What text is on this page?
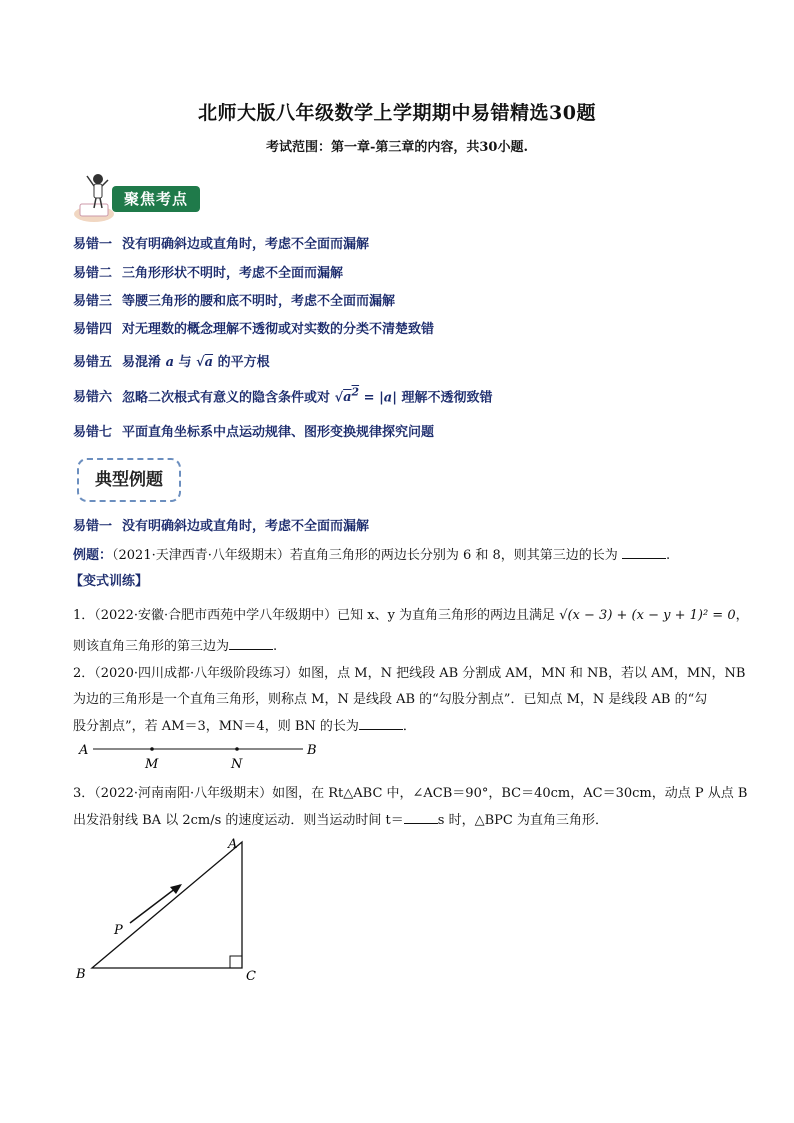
北师大版八年级数学上学期期中易错精选30题
考试范围：第一章-第三章的内容，共30小题.
聚焦考点
易错一 没有明确斜边或直角时，考虑不全面而漏解
易错二 三角形形状不明时，考虑不全面而漏解
易错三 等腰三角形的腰和底不明时，考虑不全面而漏解
易错四 对无理数的概念理解不透彻或对实数的分类不清楚致错
易错五 易混淆 a 与 √a 的平方根
易错六 忽略二次根式有意义的隐含条件或对 $√a^2 = |a|$ 理解不透彻致错
易错七 平面直角坐标系中点运动规律、图形变换规律探究问题
典型例题
易错一 没有明确斜边或直角时，考虑不全面而漏解
例题：（2021·天津西青·八年级期末）若直角三角形的两边长分别为 6 和 8，则其第三边的长为	.
【变式训练】
1．（2022·安徽·合肥市西苑中学八年级期中）已知 x、y 为直角三角形的两边且满足 √(x − 3) + (x − y + 1)² = 0，
则该直角三角形的第三边为	.
2．（2020·四川成都·八年级阶段练习）如图，点 M，N 把线段 AB 分割成 AM，MN 和 NB，若以 AM，MN，NB
为边的三角形是一个直角三角形，则称点 M，N 是线段 AB 的“勾股分割点”．已知点 M，N 是线段 AB 的“勾
股分割点”，若 AM＝3，MN＝4，则 BN 的长为	．
A
M	N
B
3．（2022·河南南阳·八年级期末）如图，在 Rt△ABC 中，∠ACB＝90°，BC＝40cm，AC＝30cm，动点 P 从点 B
出发沿射线 BA 以 2cm/s 的速度运动．则当运动时间 t＝	s 时，△BPC 为直角三角形．
A
B	C
P
